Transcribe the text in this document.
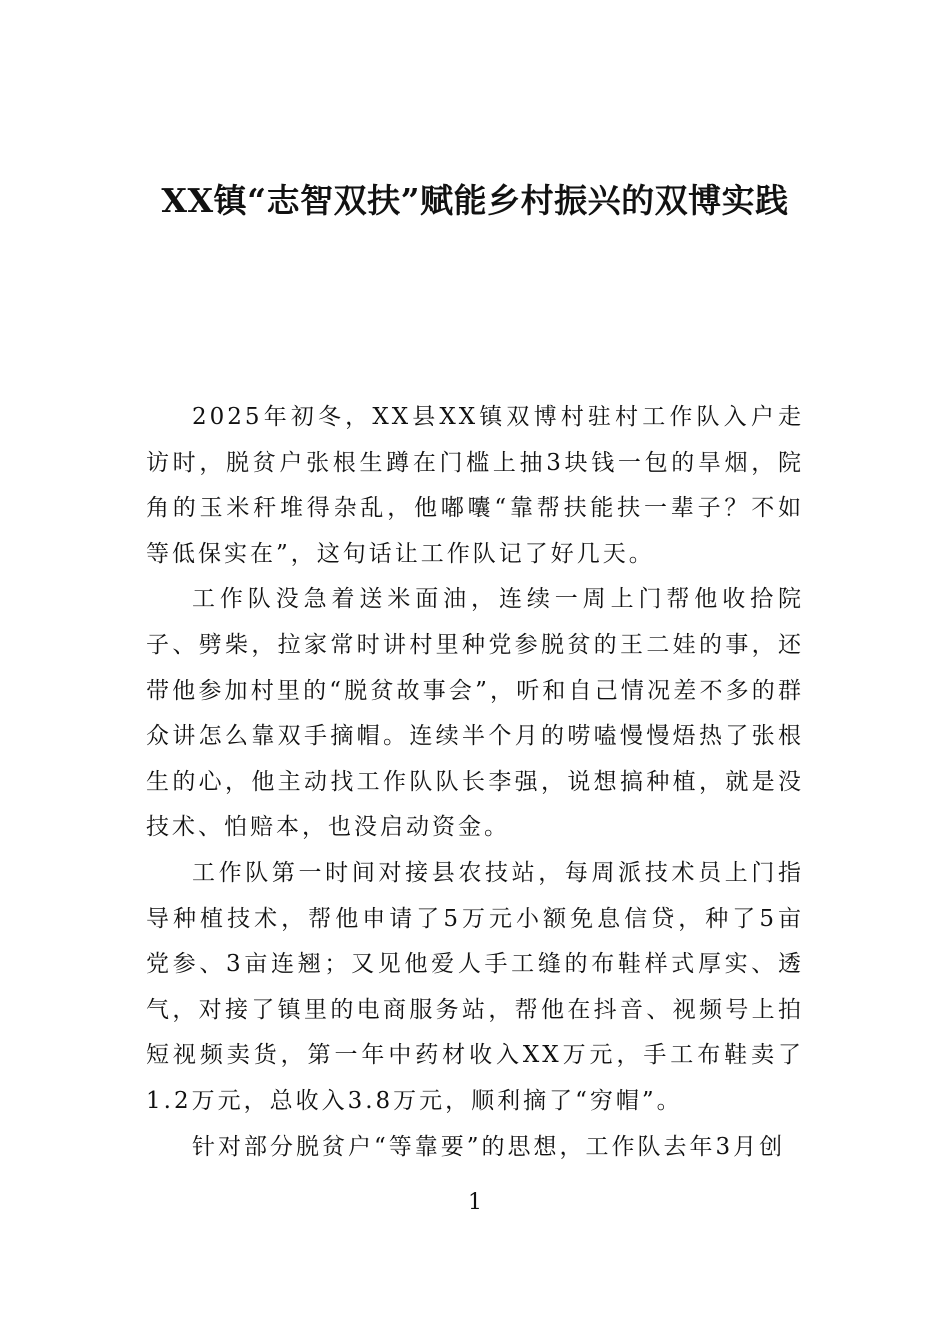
XX镇“志智双扶”赋能乡村振兴的双博实践

2025年初冬，XX县XX镇双博村驻村工作队入户走访时，脱贫户张根生蹲在门槛上抽3块钱一包的旱烟，院角的玉米秆堆得杂乱，他嘟囔“靠帮扶能扶一辈子？不如等低保实在”，这句话让工作队记了好几天。

工作队没急着送米面油，连续一周上门帮他收拾院子、劈柴，拉家常时讲村里种党参脱贫的王二娃的事，还带他参加村里的“脱贫故事会”，听和自己情况差不多的群众讲怎么靠双手摘帽。连续半个月的唠嗑慢慢焐热了张根生的心，他主动找工作队队长李强，说想搞种植，就是没技术、怕赔本，也没启动资金。

工作队第一时间对接县农技站，每周派技术员上门指导种植技术，帮他申请了5万元小额免息信贷，种了5亩党参、3亩连翘；又见他爱人手工缝的布鞋样式厚实、透气，对接了镇里的电商服务站，帮他在抖音、视频号上拍短视频卖货，第一年中药材收入XX万元，手工布鞋卖了1.2万元，总收入3.8万元，顺利摘了“穷帽”。

针对部分脱贫户“等靠要”的思想，工作队去年3月创

1
